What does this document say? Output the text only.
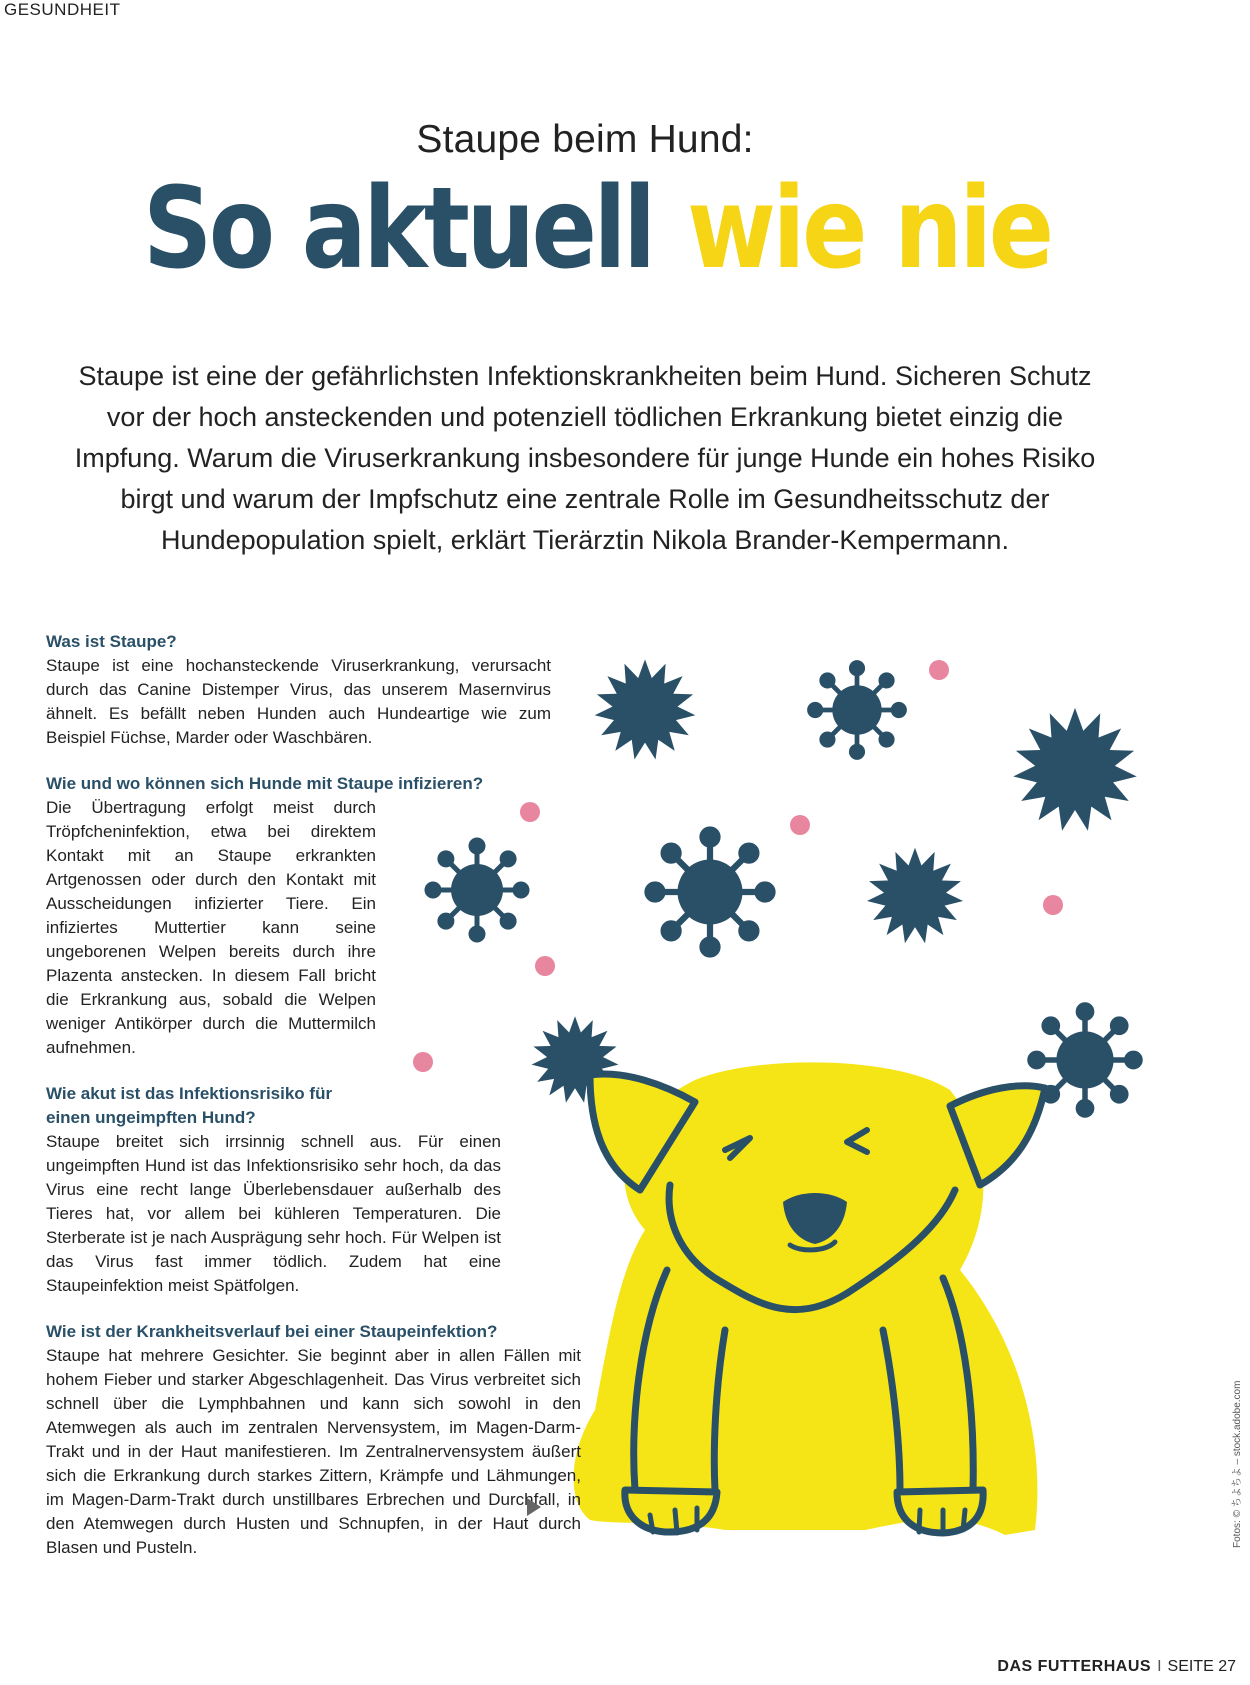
GESUNDHEIT
Staupe beim Hund:
So aktuell wie nie
Staupe ist eine der gefährlichsten Infektionskrankheiten beim Hund. Sicheren Schutz vor der hoch ansteckenden und potenziell tödlichen Erkrankung bietet einzig die Impfung. Warum die Viruserkrankung insbesondere für junge Hunde ein hohes Risiko birgt und warum der Impfschutz eine zentrale Rolle im Gesundheitsschutz der Hundepopulation spielt, erklärt Tierärztin Nikola Brander-Kempermann.
Was ist Staupe?

Staupe ist eine hochansteckende Viruserkrankung, verursacht durch das Canine Distemper Virus, das unserem Masernvirus ähnelt. Es befällt neben Hunden auch Hundeartige wie zum Beispiel Füchse, Marder oder Waschbären.

Wie und wo können sich Hunde mit Staupe infizieren?

Die Übertragung erfolgt meist durch Tröpfcheninfektion, etwa bei direktem Kontakt mit an Staupe erkrankten Artgenossen oder durch den Kontakt mit Ausscheidungen infizierter Tiere. Ein infiziertes Muttertier kann seine ungeborenen Welpen bereits durch ihre Plazenta anstecken. In diesem Fall bricht die Erkrankung aus, sobald die Welpen weniger Antikörper durch die Muttermilch aufnehmen.

Wie akut ist das Infektionsrisiko für einen ungeimpften Hund?

Staupe breitet sich irrsinnig schnell aus. Für einen ungeimpften Hund ist das Infektionsrisiko sehr hoch, da das Virus eine recht lange Überlebensdauer außerhalb des Tieres hat, vor allem bei kühleren Temperaturen. Die Sterberate ist je nach Ausprägung sehr hoch. Für Welpen ist das Virus fast immer tödlich. Zudem hat eine Staupeinfektion meist Spätfolgen.

Wie ist der Krankheitsverlauf bei einer Staupeinfektion?

Staupe hat mehrere Gesichter. Sie beginnt aber in allen Fällen mit hohem Fieber und starker Abgeschlagenheit. Das Virus verbreitet sich schnell über die Lymphbahnen und kann sich sowohl in den Atemwegen als auch im zentralen Nervensystem, im Magen-Darm-Trakt und in der Haut manifestieren. Im Zentralnervensystem äußert sich die Erkrankung durch starkes Zittern, Krämpfe und Lähmungen, im Magen-Darm-Trakt durch unstillbares Erbrechen und Durchfall, in den Atemwegen durch Husten und Schnupfen, in der Haut durch Blasen und Pusteln.	Fotos: © ちよちよ – stock.adobe.com
DAS FUTTERHAUS I SEITE 27
